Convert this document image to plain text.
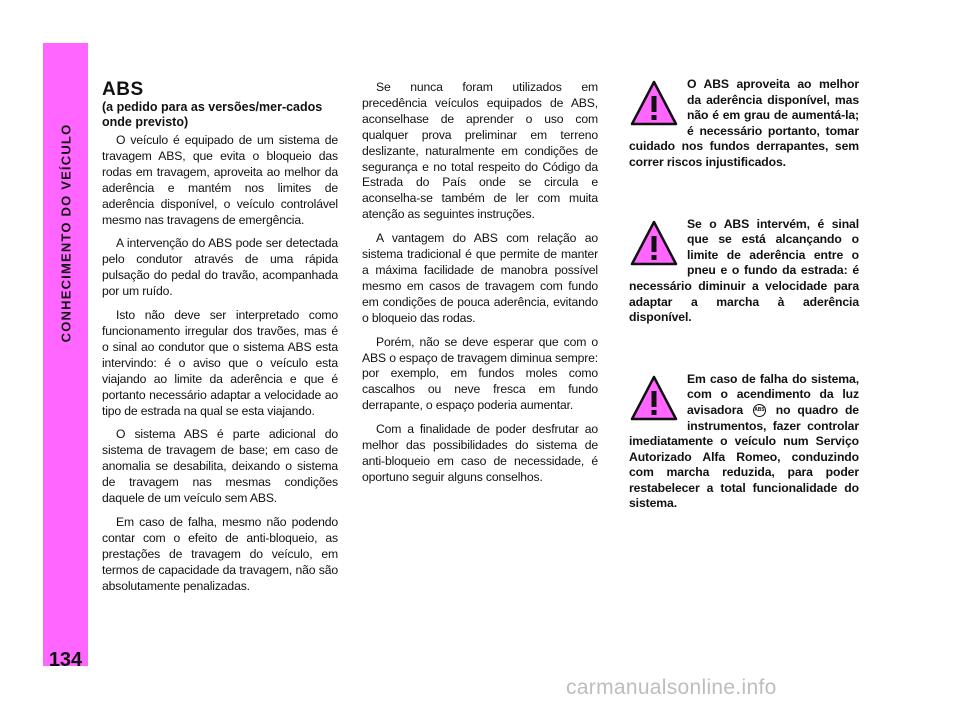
CONHECIMENTO DO VEÍCULO
134
ABS
(a pedido para as versões/mer-cados onde previsto)

O veículo é equipado de um sistema de travagem ABS, que evita o bloqueio das rodas em travagem, aproveita ao melhor da aderência e mantém nos limites de aderência disponível, o veículo controlável mesmo nas travagens de emergência.

A intervenção do ABS pode ser detectada pelo condutor através de uma rápida pulsação do pedal do travão, acompanhada por um ruído.

Isto não deve ser interpretado como funcionamento irregular dos travões, mas é o sinal ao condutor que o sistema ABS esta intervindo: é o aviso que o veículo esta viajando ao limite da aderência e que é portanto necessário adaptar a velocidade ao tipo de estrada na qual se esta viajando.

O sistema ABS é parte adicional do sistema de travagem de base; em caso de anomalia se desabilita, deixando o sistema de travagem nas mesmas condições daquele de um veículo sem ABS.

Em caso de falha, mesmo não podendo contar com o efeito de anti-bloqueio, as prestações de travagem do veículo, em termos de capacidade da travagem, não são absolutamente penalizadas.

Se nunca foram utilizados em precedência veículos equipados de ABS, aconselhase de aprender o uso com qualquer prova preliminar em terreno deslizante, naturalmente em condições de segurança e no total respeito do Código da Estrada do País onde se circula e aconselha-se também de ler com muita atenção as seguintes instruções.

A vantagem do ABS com relação ao sistema tradicional é que permite de manter a máxima facilidade de manobra possível mesmo em casos de travagem com fundo em condições de pouca aderência, evitando o bloqueio das rodas.

Porém, não se deve esperar que com o ABS o espaço de travagem diminua sempre: por exemplo, em fundos moles como cascalhos ou neve fresca em fundo derrapante, o espaço poderia aumentar.

Com a finalidade de poder desfrutar ao melhor das possibilidades do sistema de anti-bloqueio em caso de necessidade, é oportuno seguir alguns conselhos.

O ABS aproveita ao melhor da aderência disponível, mas não é em grau de aumentá-la; é necessário portanto, tomar cuidado nos fundos derrapantes, sem correr riscos injustificados.
Se o ABS intervém, é sinal que se está alcançando o limite de aderência entre o pneu e o fundo da estrada: é necessário diminuir a velocidade para adaptar a marcha à aderência disponível.
Em caso de falha do sistema, com o acendimento da luz avisadora ABS no quadro de instrumentos, fazer controlar imediatamente o veículo num Serviço Autorizado Alfa Romeo, conduzindo com marcha reduzida, para poder restabelecer a total funcionalidade do sistema.
carmanualsonline.info
